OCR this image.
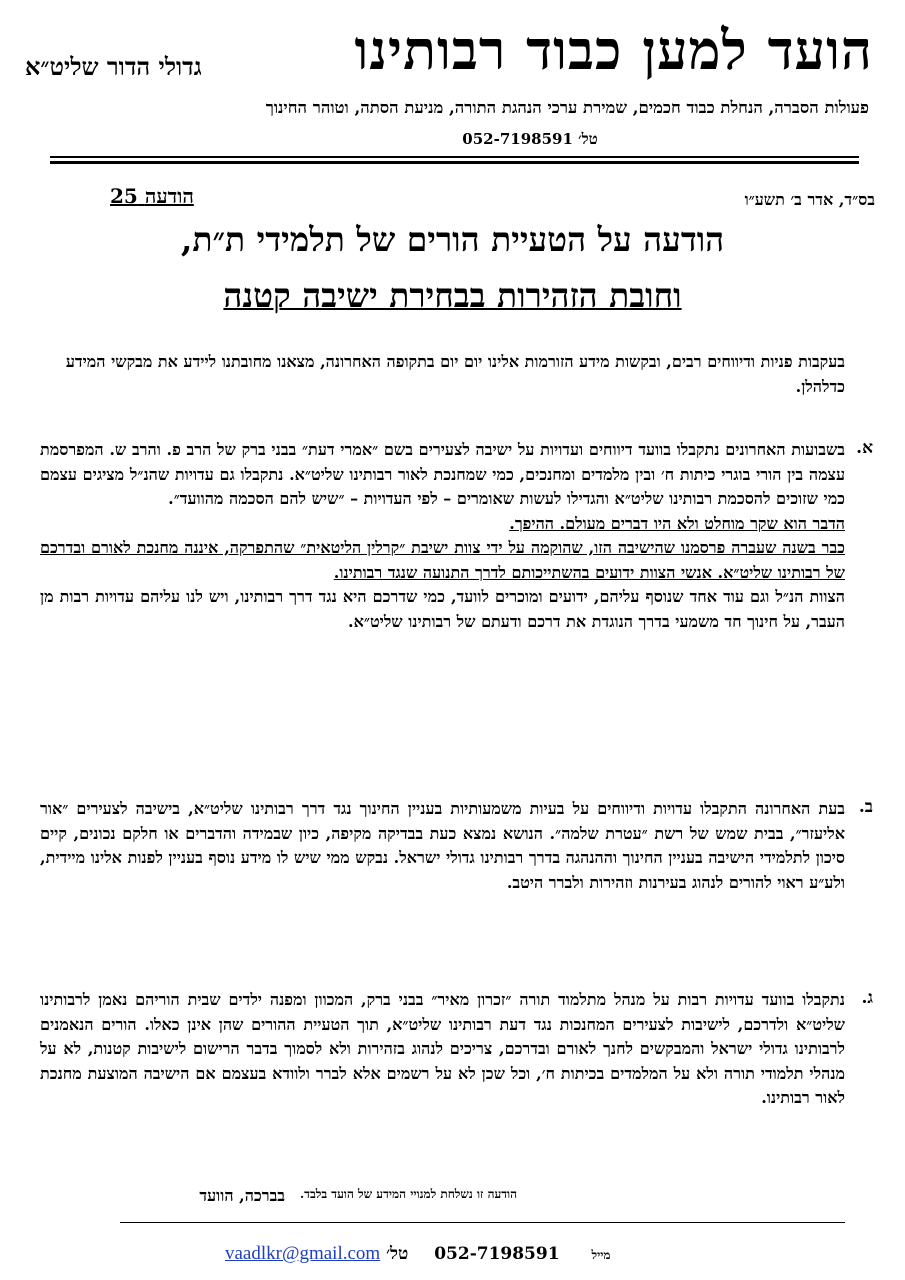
הועד למען כבוד רבותינו
גדולי הדור שליט״א
פעולות הסברה, הנחלת כבוד חכמים, שמירת ערכי הנהגת התורה, מניעת הסתה, וטוהר החינוך
טל׳ 052-7198591
בס״ד, אדר ב׳ תשע״ו
הודעה 25
הודעה על הטעיית הורים של תלמידי ת״ת,
וחובת הזהירות בבחירת ישיבה קטנה
בעקבות פניות ודיווחים רבים, ובקשות מידע הזורמות אלינו יום יום בתקופה האחרונה, מצאנו מחובתנו ליידע את מבקשי המידע כדלהלן.
א.
בשבועות האחרונים נתקבלו בוועד דיווחים ועדויות על ישיבה לצעירים בשם ״אמרי דעת״ בבני ברק של הרב פ. והרב ש. המפרסמת עצמה בין הורי בוגרי כיתות ח׳ ובין מלמדים ומחנכים, כמי שמחנכת לאור רבותינו שליט״א. נתקבלו גם עדויות שהנ״ל מציגים עצמם כמי שזוכים להסכמת רבותינו שליט״א והגדילו לעשות שאומרים – לפי העדויות – ״שיש להם הסכמה מהוועד״.
הדבר הוא שקר מוחלט ולא היו דברים מעולם. ההיפך.
כבר בשנה שעברה פרסמנו שהישיבה הזו, שהוקמה על ידי צוות ישיבת ״קרלין הליטאית״ שהתפרקה, איננה מחנכת לאורם ובדרכם של רבותינו שליט״א. אנשי הצוות ידועים בהשתייכותם לדרך התנועה שנגד רבותינו.
הצוות הנ״ל וגם עוד אחד שנוסף עליהם, ידועים ומוכרים לוועד, כמי שדרכם היא נגד דרך רבותינו, ויש לנו עליהם עדויות רבות מן העבר, על חינוך חד משמעי בדרך הנוגדת את דרכם ודעתם של רבותינו שליט״א.
ב.
בעת האחרונה התקבלו עדויות ודיווחים על בעיות משמעותיות בעניין החינוך נגד דרך רבותינו שליט״א, בישיבה לצעירים ״אור אליעזר״, בבית שמש של רשת ״עטרת שלמה״. הנושא נמצא כעת בבדיקה מקיפה, כיון שבמידה והדברים או חלקם נכונים, קיים סיכון לתלמידי הישיבה בעניין החינוך וההנהגה בדרך רבותינו גדולי ישראל. נבקש ממי שיש לו מידע נוסף בעניין לפנות אלינו מיידית, ולע״ע ראוי להורים לנהוג בעירנות וזהירות ולברר היטב.
ג.
נתקבלו בוועד עדויות רבות על מנהל מתלמוד תורה ״זכרון מאיר״ בבני ברק, המכוון ומפנה ילדים שבית הוריהם נאמן לרבותינו שליט״א ולדרכם, לישיבות לצעירים המחנכות נגד דעת רבותינו שליט״א, תוך הטעיית ההורים שהן אינן כאלו. הורים הנאמנים לרבותינו גדולי ישראל והמבקשים לחנך לאורם ובדרכם, צריכים לנהוג בזהירות ולא לסמוך בדבר הרישום לישיבות קטנות, לא על מנהלי תלמודי תורה ולא על המלמדים בכיתות ח׳, וכל שכן לא על רשמים אלא לברר ולוודא בעצמם אם הישיבה המוצעת מחנכת לאור רבותינו.
הודעה זו נשלחת למנויי המידע של הועד בלבד.
בברכה, הוועד
vaadlkr@gmail.com	מייל 052-7198591 טל׳
